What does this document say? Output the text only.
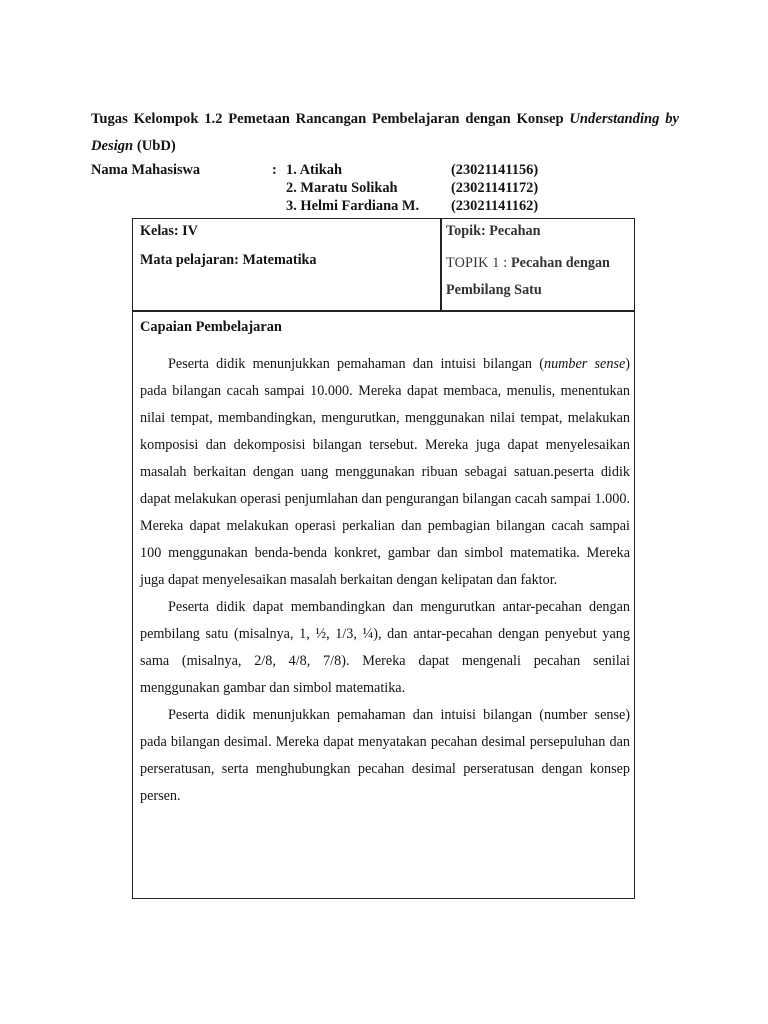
Tugas Kelompok 1.2 Pemetaan Rancangan Pembelajaran dengan Konsep Understanding by Design (UbD)
Nama Mahasiswa	: 1. Atikah	(23021141156)
2. Maratu Solikah	(23021141172)
3. Helmi Fardiana M. (23021141162)
Kelas: IV
Mata pelajaran: Matematika
Topik: Pecahan
TOPIK 1 : Pecahan dengan Pembilang Satu
Capaian Pembelajaran

Peserta didik menunjukkan pemahaman dan intuisi bilangan (number sense) pada bilangan cacah sampai 10.000. Mereka dapat membaca, menulis, menentukan nilai tempat, membandingkan, mengurutkan, menggunakan nilai tempat, melakukan komposisi dan dekomposisi bilangan tersebut. Mereka juga dapat menyelesaikan masalah berkaitan dengan uang menggunakan ribuan sebagai satuan.peserta didik dapat melakukan operasi penjumlahan dan pengurangan bilangan cacah sampai 1.000. Mereka dapat melakukan operasi perkalian dan pembagian bilangan cacah sampai 100 menggunakan benda-benda konkret, gambar dan simbol matematika. Mereka juga dapat menyelesaikan masalah berkaitan dengan kelipatan dan faktor.

Peserta didik dapat membandingkan dan mengurutkan antar-pecahan dengan pembilang satu (misalnya, 1, ½, 1/3, ¼), dan antar-pecahan dengan penyebut yang sama (misalnya, 2/8, 4/8, 7/8). Mereka dapat mengenali pecahan senilai menggunakan gambar dan simbol matematika.

Peserta didik menunjukkan pemahaman dan intuisi bilangan (number sense) pada bilangan desimal. Mereka dapat menyatakan pecahan desimal persepuluhan dan perseratusan, serta menghubungkan pecahan desimal perseratusan dengan konsep persen.
